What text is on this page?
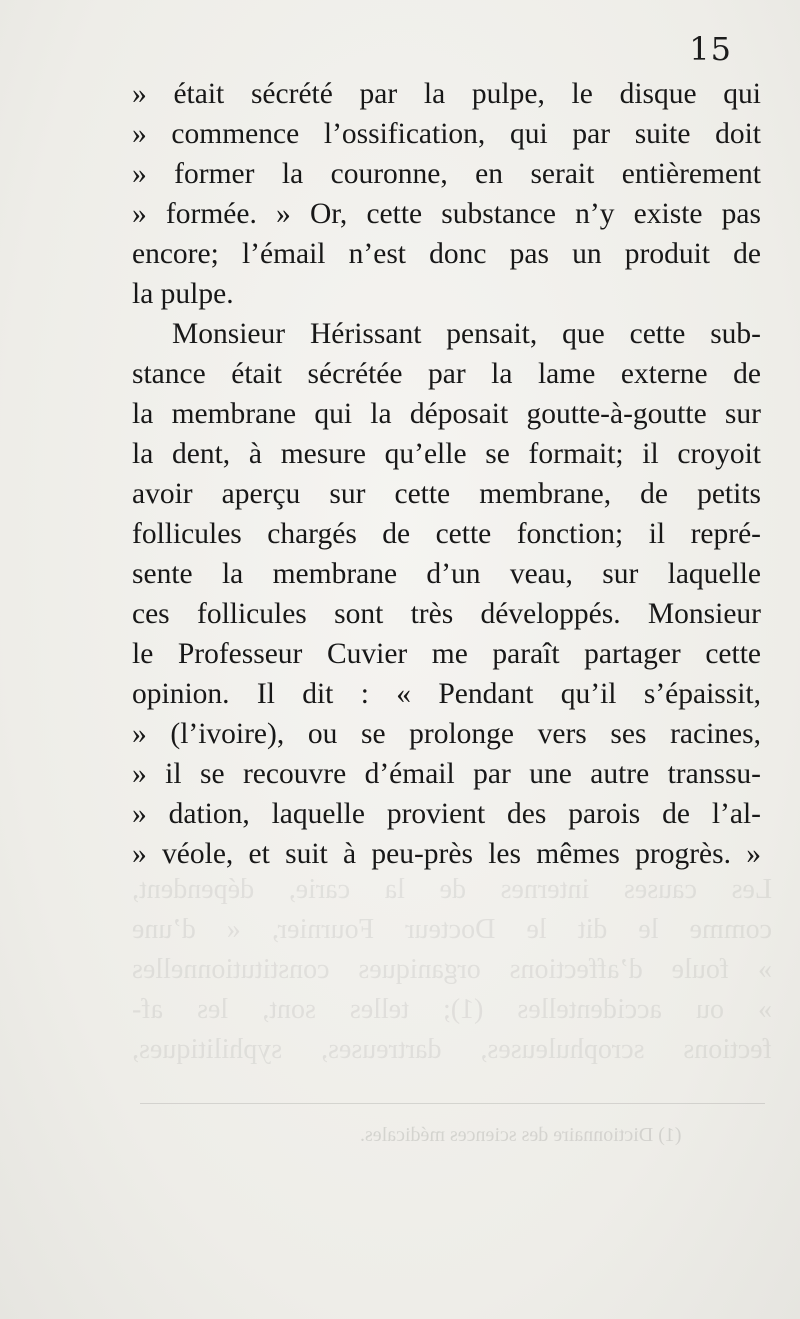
15
Les causes internes de la carie, dépendent,
comme le dit le Docteur Fournier, « d’une
» foule d’affections organiques constitutionnelles
» ou accidentelles (1); telles sont, les af-
fections scrophuleuses, dartreuses, syphilitiques,
(1) Dictionnaire des sciences médicales.
» était sécrété par la pulpe, le disque qui
» commence l’ossification, qui par suite doit
» former la couronne, en serait entièrement
» formée. » Or, cette substance n’y existe pas
encore; l’émail n’est donc pas un produit de
la pulpe.
Monsieur Hérissant pensait, que cette sub-
stance était sécrétée par la lame externe de
la membrane qui la déposait goutte-à-goutte sur
la dent, à mesure qu’elle se formait; il croyoit
avoir aperçu sur cette membrane, de petits
follicules chargés de cette fonction; il repré-
sente la membrane d’un veau, sur laquelle
ces follicules sont très développés. Monsieur
le Professeur Cuvier me paraît partager cette
opinion. Il dit : « Pendant qu’il s’épaissit,
» (l’ivoire), ou se prolonge vers ses racines,
» il se recouvre d’émail par une autre transsu-
» dation, laquelle provient des parois de l’al-
» véole, et suit à peu-près les mêmes progrès. »
